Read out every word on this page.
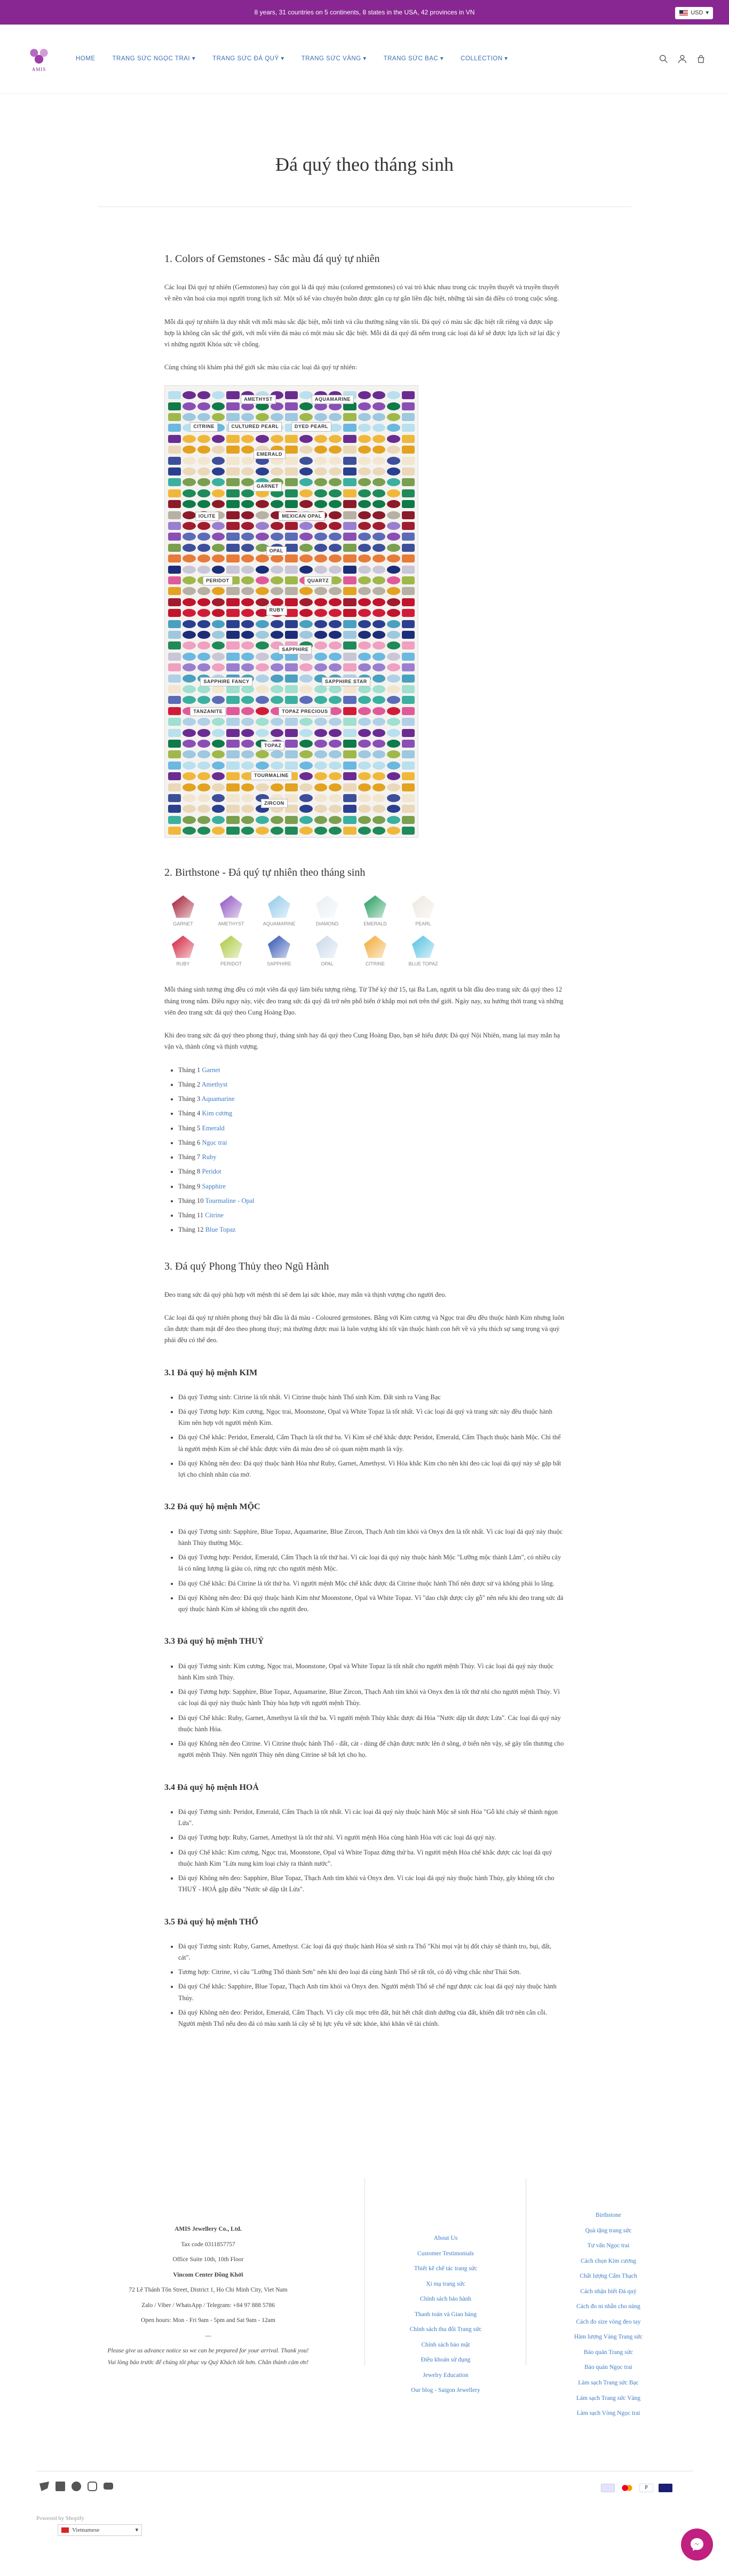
8 years, 31 countries on 5 continents, 8 states in the USA, 42 provinces in VN	USD ▾
AMIS
HOME	TRANG SỨC NGỌC TRAI ▾	TRANG SỨC ĐÁ QUÝ ▾	TRANG SỨC VÀNG ▾	TRANG SỨC BẠC ▾	COLLECTION ▾
Đá quý theo tháng sinh
1. Colors of Gemstones - Sắc màu đá quý tự nhiên

Các loại Đá quý tự nhiên (Gemstones) hay còn gọi là đá quý màu (colored gemstones) có vai trò khác nhau trong các truyền thuyết và truyền thuyết về nền văn hoá của mọi người trong lịch sử. Một số kể vào chuyện buồn được gắn cụ tự gắn liền đặc biệt, những tài sản đá điều có trong cuộc sống.

Mỗi đá quý tự nhiên là duy nhất với mỗi màu sắc đặc biệt, mỗi tinh và cầu thường năng văn tôi. Đá quý có màu sắc đặc biệt rất riêng và được sắp hợp là không cần sắc thể giới, với mỗi viên đá màu có một màu sắc đặc biệt. Mỗi đá đá quý đã nếm trong các loại đá kể sẽ được lựa lịch sử lại đặc ý vì những người Khóa sức về chống.

Cùng chúng tôi khám phá thế giới sắc màu của các loại đá quý tự nhiên:

AMETHYST	AQUAMARINE
CITRINE	CULTURED PEARL	DYED PEARL
EMERALD
GARNET
IOLITE	MEXICAN OPAL
OPAL
PERIDOT	QUARTZ
RUBY
SAPPHIRE
SAPPHIRE FANCY	SAPPHIRE STAR
TANZANITE	TOPAZ PRECIOUS
TOPAZ
TOURMALINE
ZIRCON
2. Birthstone - Đá quý tự nhiên theo tháng sinh
GARNET	AMETHYST	AQUAMARINE	DIAMOND	EMERALD	PEARL
RUBY	PERIDOT	SAPPHIRE	OPAL	CITRINE	BLUE TOPAZ

Mỗi tháng sinh tương ứng đều có một viên đá quý làm biểu tượng riêng. Từ Thế kỷ thứ 15, tại Ba Lan, người ta bắt đầu đeo trang sức đá quý theo 12 tháng trong năm. Điều nguy này, việc đeo trang sức đá quý đã trở nên phổ biến ở khắp mọi nơi trên thế giới. Ngày nay, xu hướng thời trang và những viên đeo trang sức đá quý theo Cung Hoàng Đạo.

Khi đeo trang sức đá quý theo phong thuỷ, tháng sinh hay đá quý theo Cung Hoàng Đạo, bạn sẽ hiểu được Đá quý Nội Nhiên, mang lại may mắn hạ vận và, thành công và thịnh vượng.

• Tháng 1 Garnet
• Tháng 2 Amethyst
• Tháng 3 Aquamarine
• Tháng 4 Kim cương
• Tháng 5 Emerald
• Tháng 6 Ngọc trai
• Tháng 7 Ruby
• Tháng 8 Peridot
• Tháng 9 Sapphire
• Tháng 10 Tourmaline - Opal
• Tháng 11 Citrine
• Tháng 12 Blue Topaz
3. Đá quý Phong Thủy theo Ngũ Hành

Đeo trang sức đá quý phù hợp với mệnh thì sẽ đem lại sức khỏe, may mắn và thịnh vượng cho người đeo.

Các loại đá quý tự nhiên phong thuỷ bắt đầu là đá màu - Coloured gemstones. Bằng với Kim cương và Ngọc trai đều đều thuộc hành Kim nhưng luôn cần được tham mật để đeo theo phong thuỷ; mà thường được mai là luôn vượng khí tốt vận thuộc hành con hết về và yêu thích sự sang trọng và quý phái đều có thể deo.

3.1 Đá quý hộ mệnh KIM
• Đá quý Tương sinh: Citrine là tốt nhất. Vì Citrine thuộc hành Thổ sinh Kim. Đất sinh ra Vàng Bạc
• Đá quý Tương hợp: Kim cương, Ngọc trai, Moonstone, Opal và White Topaz là tốt nhất. Vì các loại đá quý và trang sức này đều thuộc hành Kim nên hợp với người mệnh Kim.
• Đá quý Chế khắc: Peridot, Emerald, Cẩm Thạch là tốt thứ ba. Vì Kim sẽ chế khắc được Peridot, Emerald, Cẩm Thạch thuộc hành Mộc. Chỉ thể là người mệnh Kim sẽ chế khắc được viên đá màu đeo sẽ có quan niệm mạnh là vậy.
• Đá quý Không nên đeo: Đá quý thuộc hành Hỏa như Ruby, Garnet, Amethyst. Vì Hỏa khắc Kim cho nên khi đeo các loại đá quý này sẽ gặp bất lợi cho chính nhân của mở.
3.2 Đá quý hộ mệnh MỘC
• Đá quý Tương sinh: Sapphire, Blue Topaz, Aquamarine, Blue Zircon, Thạch Anh tím khói và Onyx đen là tốt nhất. Vì các loại đá quý này thuộc hành Thủy thường Mộc.
• Đá quý Tương hợp: Peridot, Emerald, Cẩm Thạch là tốt thứ hai. Vì các loại đá quý này thuộc hành Mộc "Lưỡng mộc thành Lâm", có nhiều cây lá có năng lượng là giàu có, rừng rực cho người mệnh Mộc.
• Đá quý Chế khắc: Đá Citrine là tốt thứ ba. Vì người mệnh Mộc chế khắc được đá Citrine thuộc hành Thổ nên được sử và không phải lo lắng.
• Đá quý Không nên đeo: Đá quý thuộc hành Kim như Moonstone, Opal và White Topaz. Vì "dao chặt được cây gỗ" nên nếu khi đeo trang sức đá quý thuộc hành Kim sẽ không tốt cho người đeo.
3.3 Đá quý hộ mệnh THUỶ
• Đá quý Tương sinh: Kim cương, Ngọc trai, Moonstone, Opal và White Topaz là tốt nhất cho người mệnh Thủy. Vì các loại đá quý này thuộc hành Kim sinh Thủy.
• Đá quý Tương hợp: Sapphire, Blue Topaz, Aquamarine, Blue Zircon, Thạch Anh tím khói và Onyx đen là tốt thứ nhì cho người mệnh Thủy. Vì các loại đá quý này thuộc hành Thủy hòa hợp với người mệnh Thủy.
• Đá quý Chế khắc: Ruby, Garnet, Amethyst là tốt thứ ba. Vì người mệnh Thủy khắc được đá Hỏa "Nước dập tắt được Lửa". Các loại đá quý này thuộc hành Hỏa.
• Đá quý Không nên đeo Citrine. Vì Citrine thuộc hành Thổ - đất, cát - dùng để chặn được nước lên ở sông, ở biển nên vậy, sẽ gây tổn thương cho người mệnh Thủy. Nên người Thủy nên dùng Citrine sẽ bất lợi cho họ.
3.4 Đá quý hộ mệnh HOẢ
• Đá quý Tương sinh: Peridot, Emerald, Cẩm Thạch là tốt nhất. Vì các loại đá quý này thuộc hành Mộc sẽ sinh Hỏa "Gỗ khi cháy sẽ thành ngọn Lửa".
• Đá quý Tương hợp: Ruby, Garnet, Amethyst là tốt thứ nhì. Vì người mệnh Hỏa cùng hành Hỏa với các loại đá quý này.
• Đá quý Chế khắc: Kim cương, Ngọc trai, Moonstone, Opal và White Topaz đứng thứ ba. Vì người mệnh Hỏa chế khắc được các loại đá quý thuộc hành Kim "Lửa nung kim loại chảy ra thành nước".
• Đá quý Không nên đeo: Sapphire, Blue Topaz, Thạch Anh tím khói và Onyx đen. Vì các loại đá quý này thuộc hành Thủy, gây không tốt cho THUỶ - HOẢ gặp điều "Nước sẽ dập tắt Lửa".
3.5 Đá quý hộ mệnh THỔ
• Đá quý Tương sinh: Ruby, Garnet, Amethyst. Các loại đá quý thuộc hành Hỏa sẽ sinh ra Thổ "Khi mọi vật bị đốt cháy sẽ thành tro, bụi, đất, cát".
• Tương hợp: Citrine, vì câu "Lưỡng Thổ thành Sơn" nên khi đeo loại đá cùng hành Thổ sẽ rất tốt, có độ vững chắc như Thái Sơn.
• Đá quý Chế khắc: Sapphire, Blue Topaz, Thạch Anh tím khói và Onyx đen. Người mệnh Thổ sẽ chế ngự được các loại đá quý này thuộc hành Thủy.
• Đá quý Không nên đeo: Peridot, Emerald, Cẩm Thạch. Vì cây cối mọc trên đất, hút hết chất dinh dưỡng của đất, khiến đất trở nên cằn cỗi. Người mệnh Thổ nếu đeo đá có màu xanh lá cây sẽ bị lực yếu về sức khỏe, khó khăn về tài chính.
AMIS Jewellery Co., Ltd.
Tax code 0311857757
Office Suite 10th, 10th Floor
Vincom Center Đồng Khởi
72 Lê Thánh Tôn Street, District 1, Ho Chi Minh City, Viet Nam
Zalo / Viber / WhatsApp / Telegram: +84 97 888 5786
Open hours: Mon - Fri 9am - 5pm and Sat 9am - 12am
—
Please give us advance notice so we can be prepared for your arrival. Thank you!
Vui lòng báo trước để chúng tôi phục vụ Quý Khách tốt hơn. Chân thành cảm ơn!
About Us
Customer Testimonials
Thiết kế chế tác trang sức
Xi mạ trang sức
Chính sách bảo hành
Thanh toán và Giao hàng
Chính sách thu đổi Trang sức
Chính sách bảo mật
Điều khoản sử dụng
Jewelry Education
Our blog - Saigon Jewellery
Birthstone
Quà tặng trang sức
Tư vấn Ngọc trai
Cách chọn Kim cương
Chất lượng Cẩm Thạch
Cách nhận biết Đá quý
Cách đo ni nhẫn cho nàng
Cách đo size vòng đeo tay
Hàm lượng Vàng Trang sức
Bảo quản Trang sức
Bảo quản Ngọc trai
Làm sạch Trang sức Bạc
Làm sạch Trang sức Vàng
Làm sạch Vòng Ngọc trai
P
Powered by Shopify
Vietnamese	▾
